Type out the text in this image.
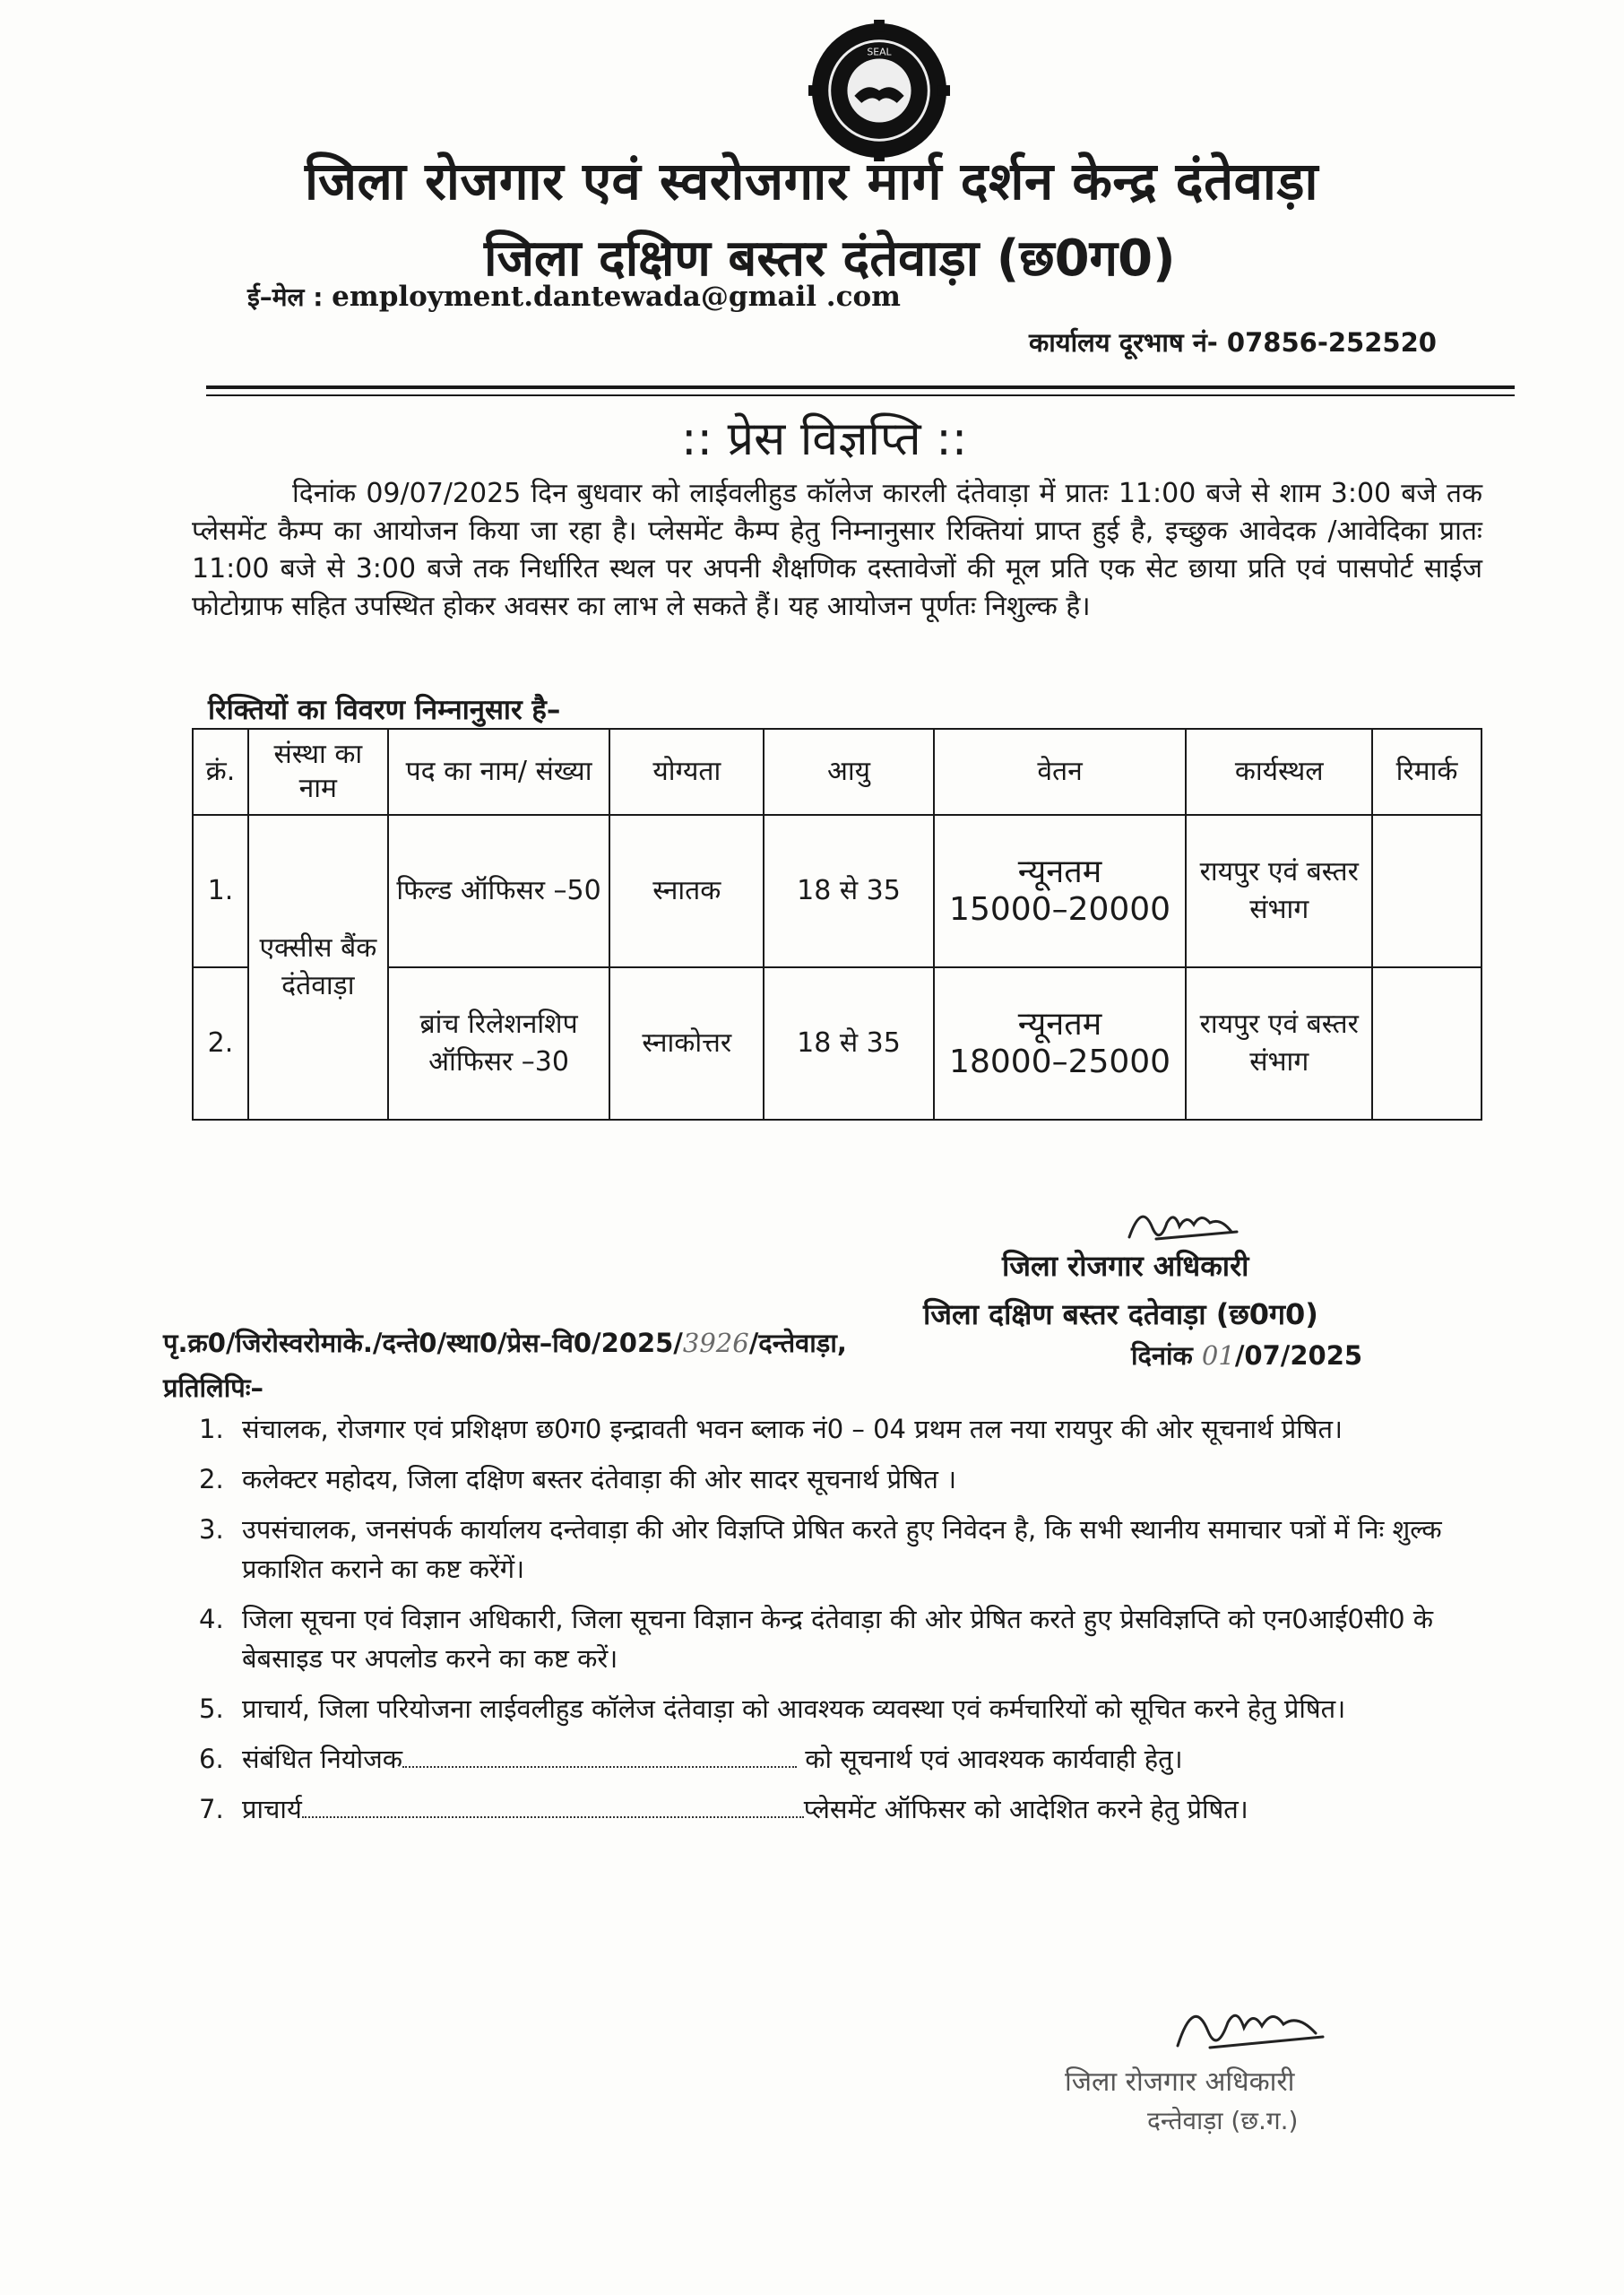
SEAL
जिला रोजगार एवं स्वरोजगार मार्ग दर्शन केन्द्र दंतेवाड़ा
जिला दक्षिण बस्तर दंतेवाड़ा (छ0ग0)
ई–मेल : employment.dantewada@gmail .com
कार्यालय दूरभाष नं- 07856-252520
:: प्रेस विज्ञप्ति ::
दिनांक 09/07/2025 दिन बुधवार को लाईवलीहुड कॉलेज कारली दंतेवाड़ा में प्रातः 11:00 बजे से शाम 3:00 बजे तक प्लेसमेंट कैम्प का आयोजन किया जा रहा है। प्लेसमेंट कैम्प हेतु निम्नानुसार रिक्तियां प्राप्त हुई है, इच्छुक आवेदक /आवेदिका प्रातः 11:00 बजे से 3:00 बजे तक निर्धारित स्थल पर अपनी शैक्षणिक दस्तावेजों की मूल प्रति एक सेट छाया प्रति एवं पासपोर्ट साईज फोटोग्राफ सहित उपस्थित होकर अवसर का लाभ ले सकते हैं। यह आयोजन पूर्णतः निशुल्क है।
रिक्तियों का विवरण निम्नानुसार है–
क्रं.	संस्था का नाम	पद का नाम/ संख्या	योग्यता	आयु	वेतन	कार्यस्थल	रिमार्क
1.	एक्सीस बैंक दंतेवाड़ा	फिल्ड ऑफिसर –50	स्नातक	18 से 35	न्यूनतम
15000–20000	रायपुर एवं बस्तर संभाग	
2.		ब्रांच रिलेशनशिप ऑफिसर –30	स्नाकोत्तर	18 से 35	न्यूनतम
18000–25000	रायपुर एवं बस्तर संभाग	
जिला रोजगार अधिकारी
जिला दक्षिण बस्तर दतेवाड़ा (छ0ग0)
पृ.क्र0/जिरोस्वरोमाके./दन्ते0/स्था0/प्रेस–वि0/2025/3926/दन्तेवाड़ा,	दिनांक 01/07/2025
प्रतिलिपिः–
1. संचालक, रोजगार एवं प्रशिक्षण छ0ग0 इन्द्रावती भवन ब्लाक नं0 – 04 प्रथम तल नया रायपुर की ओर सूचनार्थ प्रेषित।
2. कलेक्टर महोदय, जिला दक्षिण बस्तर दंतेवाड़ा की ओर सादर सूचनार्थ प्रेषित ।
3. उपसंचालक, जनसंपर्क कार्यालय दन्तेवाड़ा की ओर विज्ञप्ति प्रेषित करते हुए निवेदन है, कि सभी स्थानीय समाचार पत्रों में निः शुल्क प्रकाशित कराने का कष्ट करेंगें।
4. जिला सूचना एवं विज्ञान अधिकारी, जिला सूचना विज्ञान केन्द्र दंतेवाड़ा की ओर प्रेषित करते हुए प्रेसविज्ञप्ति को एन0आई0सी0 के बेबसाइड पर अपलोड करने का कष्ट करें।
5. प्राचार्य, जिला परियोजना लाईवलीहुड कॉलेज दंतेवाड़ा को आवश्यक व्यवस्था एवं कर्मचारियों को सूचित करने हेतु प्रेषित।
6. संबंधित नियोजक	को सूचनार्थ एवं आवश्यक कार्यवाही हेतु।
7. प्राचार्य	प्लेसमेंट ऑफिसर को आदेशित करने हेतु प्रेषित।
जिला रोजगार अधिकारी
दन्तेवाड़ा (छ.ग.)
